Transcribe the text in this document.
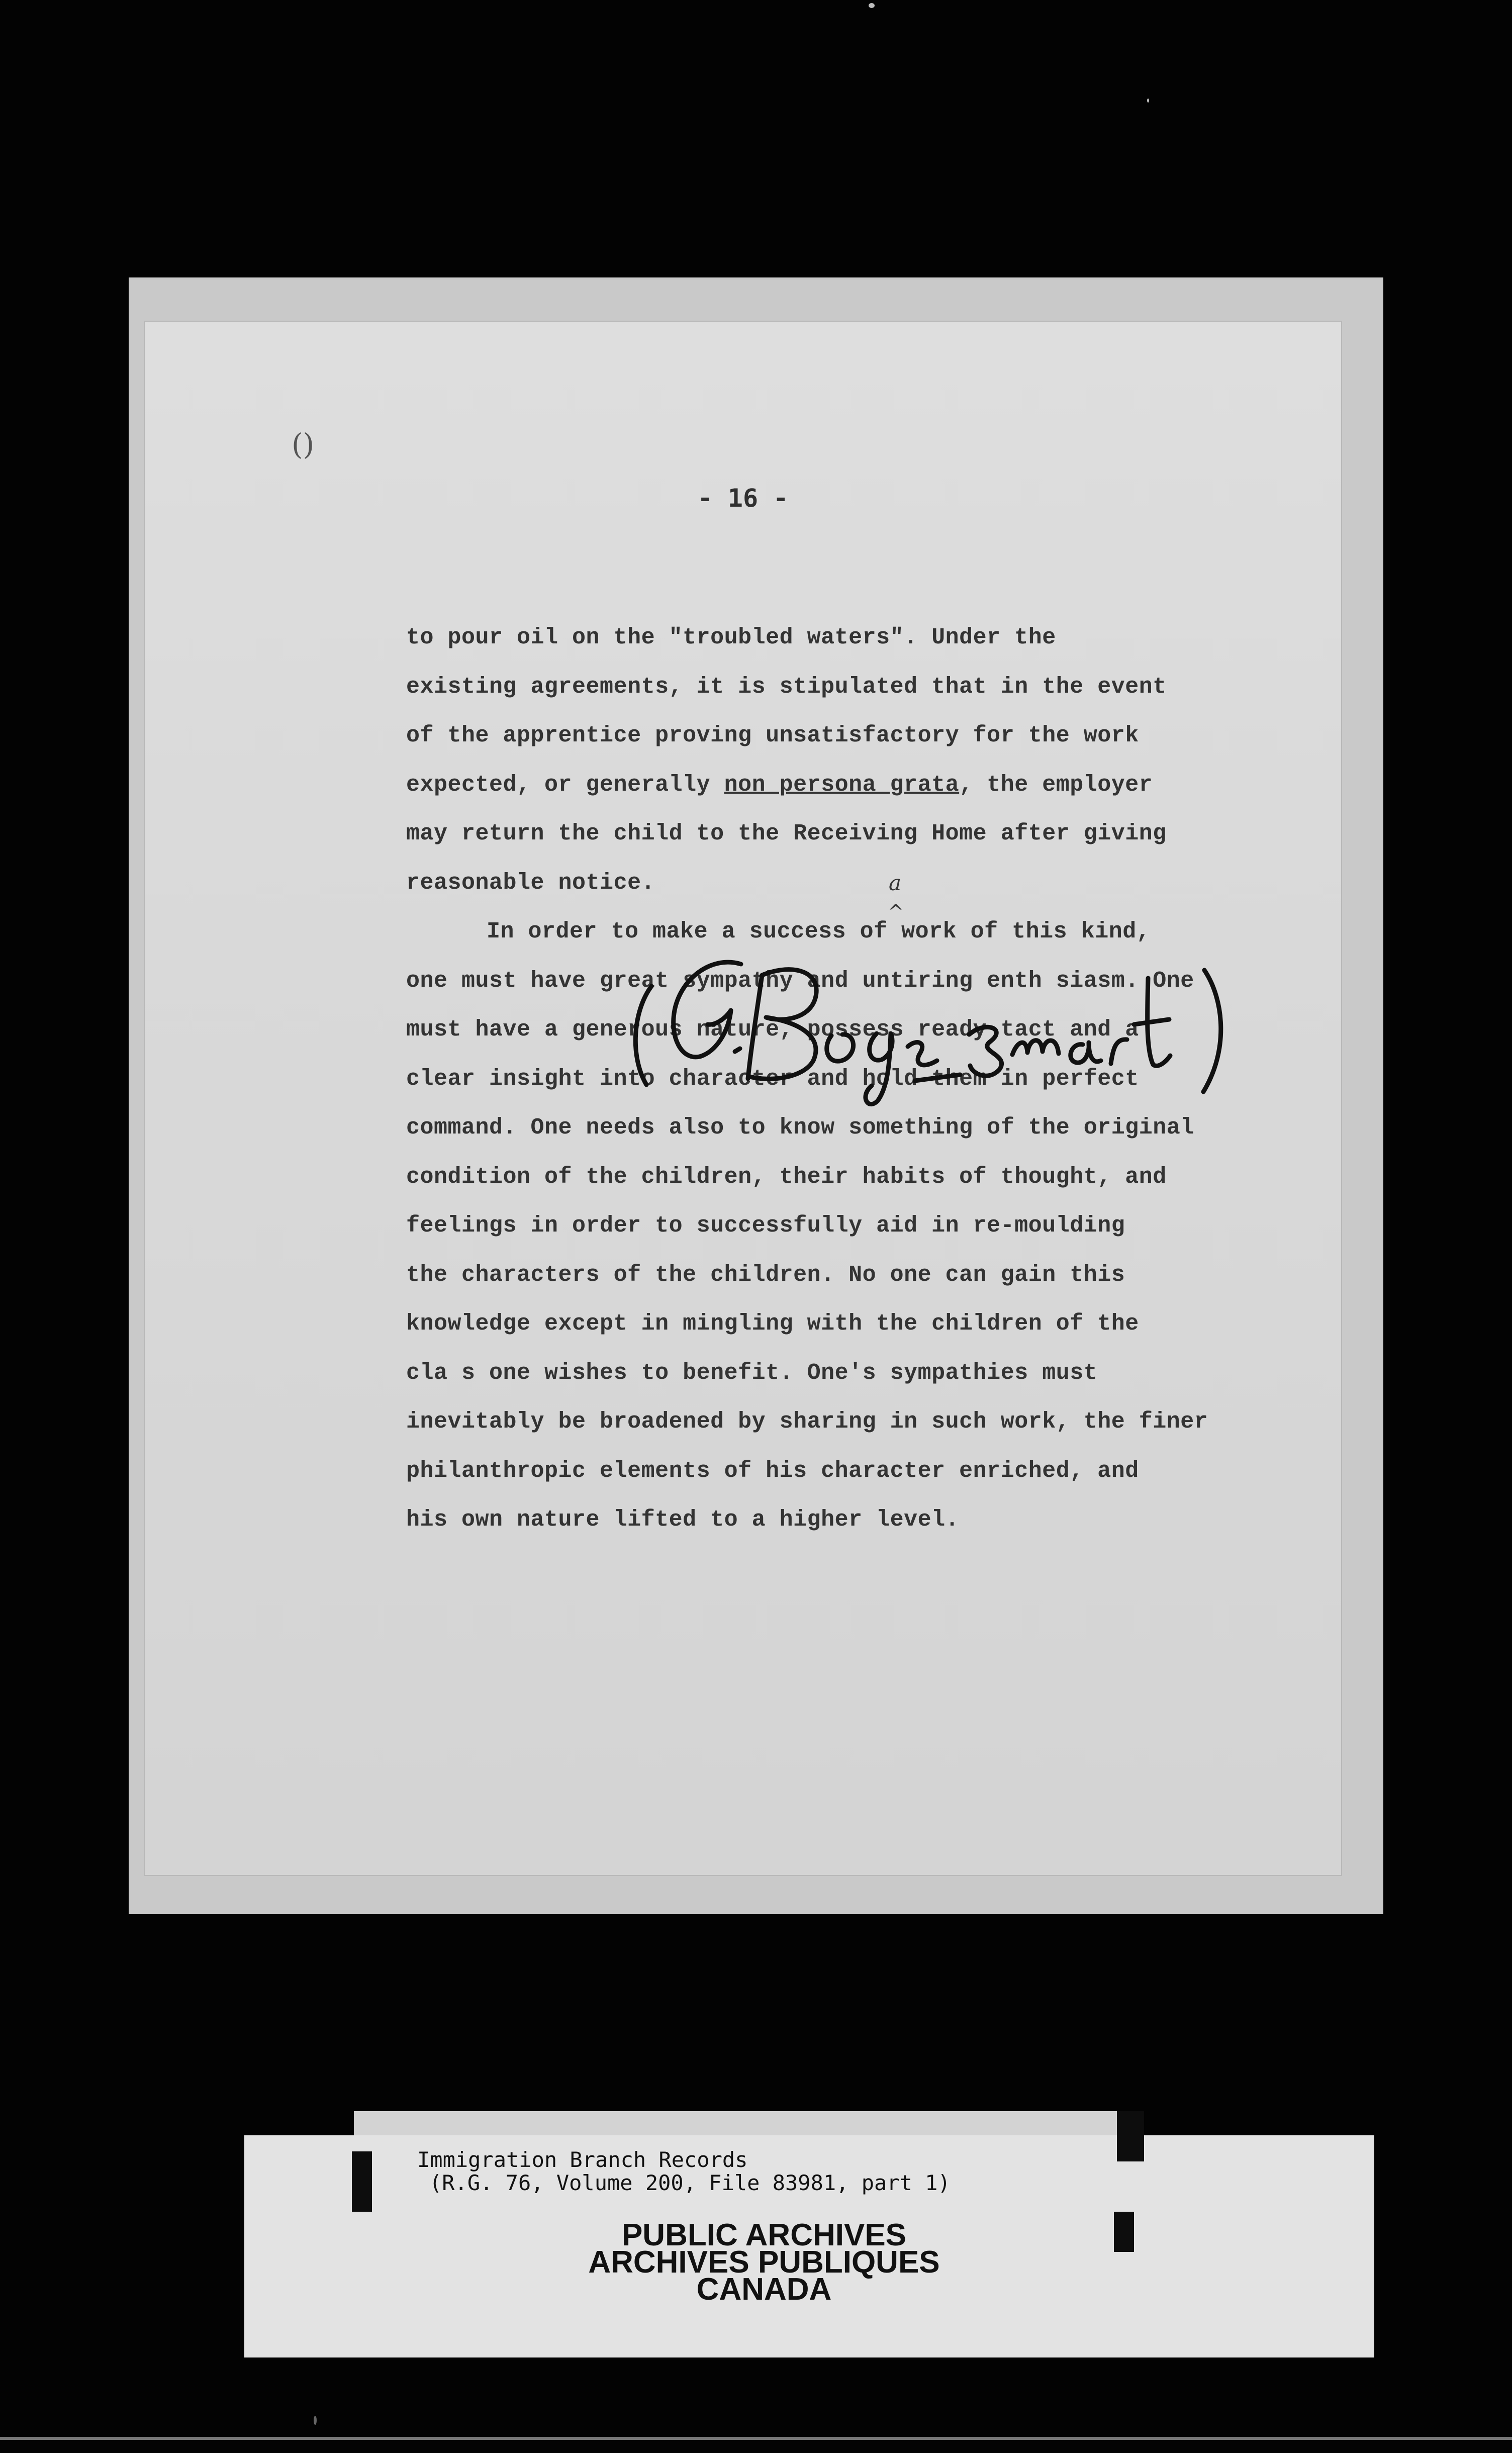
()
- 16 -
to pour oil on the "troubled waters". Under the
existing agreements, it is stipulated that in the event
of the apprentice proving unsatisfactory for the work
expected, or generally non persona grata, the employer
may return the child to the Receiving Home after giving
reasonable notice.
In order to make a success of work of this kind,
one must have great sympathy and untiring enth siasm. One
must have a generous nature, possess ready tact and a
clear insight into character and hold them in perfect
command. One needs also to know something of the original
condition of the children, their habits of thought, and
feelings in order to successfully aid in re-moulding
the characters of the children. No one can gain this
knowledge except in mingling with the children of the
cla s one wishes to benefit. One's sympathies must
inevitably be broadened by sharing in such work, the finer
philanthropic elements of his character enriched, and
his own nature lifted to a higher level.
a
^
Immigration Branch Records
(R.G. 76, Volume 200, File 83981, part 1)
PUBLIC ARCHIVES
ARCHIVES PUBLIQUES
CANADA
